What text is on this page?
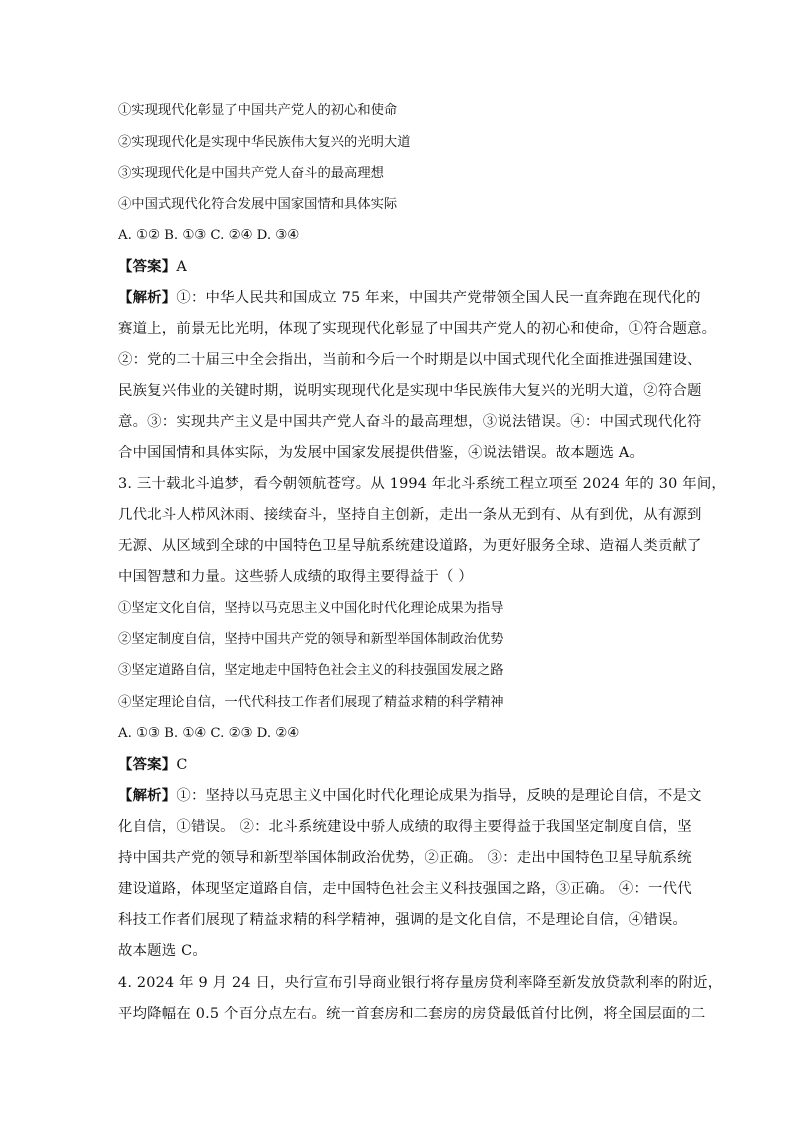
①实现现代化彰显了中国共产党人的初心和使命
②实现现代化是实现中华民族伟大复兴的光明大道
③实现现代化是中国共产党人奋斗的最高理想
④中国式现代化符合发展中国家国情和具体实际
A. ①② B. ①③ C. ②④ D. ③④
【答案】A
【解析】①：中华人民共和国成立 75 年来，中国共产党带领全国人民一直奔跑在现代化的
赛道上，前景无比光明，体现了实现现代化彰显了中国共产党人的初心和使命，①符合题意。
②：党的二十届三中全会指出，当前和今后一个时期是以中国式现代化全面推进强国建设、
民族复兴伟业的关键时期，说明实现现代化是实现中华民族伟大复兴的光明大道，②符合题
意。③：实现共产主义是中国共产党人奋斗的最高理想，③说法错误。④：中国式现代化符
合中国国情和具体实际，为发展中国家发展提供借鉴，④说法错误。故本题选 A。
3. 三十载北斗追梦，看今朝领航苍穹。从 1994 年北斗系统工程立项至 2024 年的 30 年间，
几代北斗人栉风沐雨、接续奋斗，坚持自主创新，走出一条从无到有、从有到优，从有源到
无源、从区域到全球的中国特色卫星导航系统建设道路，为更好服务全球、造福人类贡献了
中国智慧和力量。这些骄人成绩的取得主要得益于（ ）
①坚定文化自信，坚持以马克思主义中国化时代化理论成果为指导
②坚定制度自信，坚持中国共产党的领导和新型举国体制政治优势
③坚定道路自信，坚定地走中国特色社会主义的科技强国发展之路
④坚定理论自信，一代代科技工作者们展现了精益求精的科学精神
A. ①③ B. ①④ C. ②③ D. ②④
【答案】C
【解析】①：坚持以马克思主义中国化时代化理论成果为指导，反映的是理论自信，不是文
化自信，①错误。 ②：北斗系统建设中骄人成绩的取得主要得益于我国坚定制度自信，坚
持中国共产党的领导和新型举国体制政治优势，②正确。 ③：走出中国特色卫星导航系统
建设道路，体现坚定道路自信，走中国特色社会主义科技强国之路，③正确。 ④：一代代
科技工作者们展现了精益求精的科学精神，强调的是文化自信，不是理论自信，④错误。
故本题选 C。
4. 2024 年 9 月 24 日，央行宣布引导商业银行将存量房贷利率降至新发放贷款利率的附近，
平均降幅在 0.5 个百分点左右。统一首套房和二套房的房贷最低首付比例，将全国层面的二
